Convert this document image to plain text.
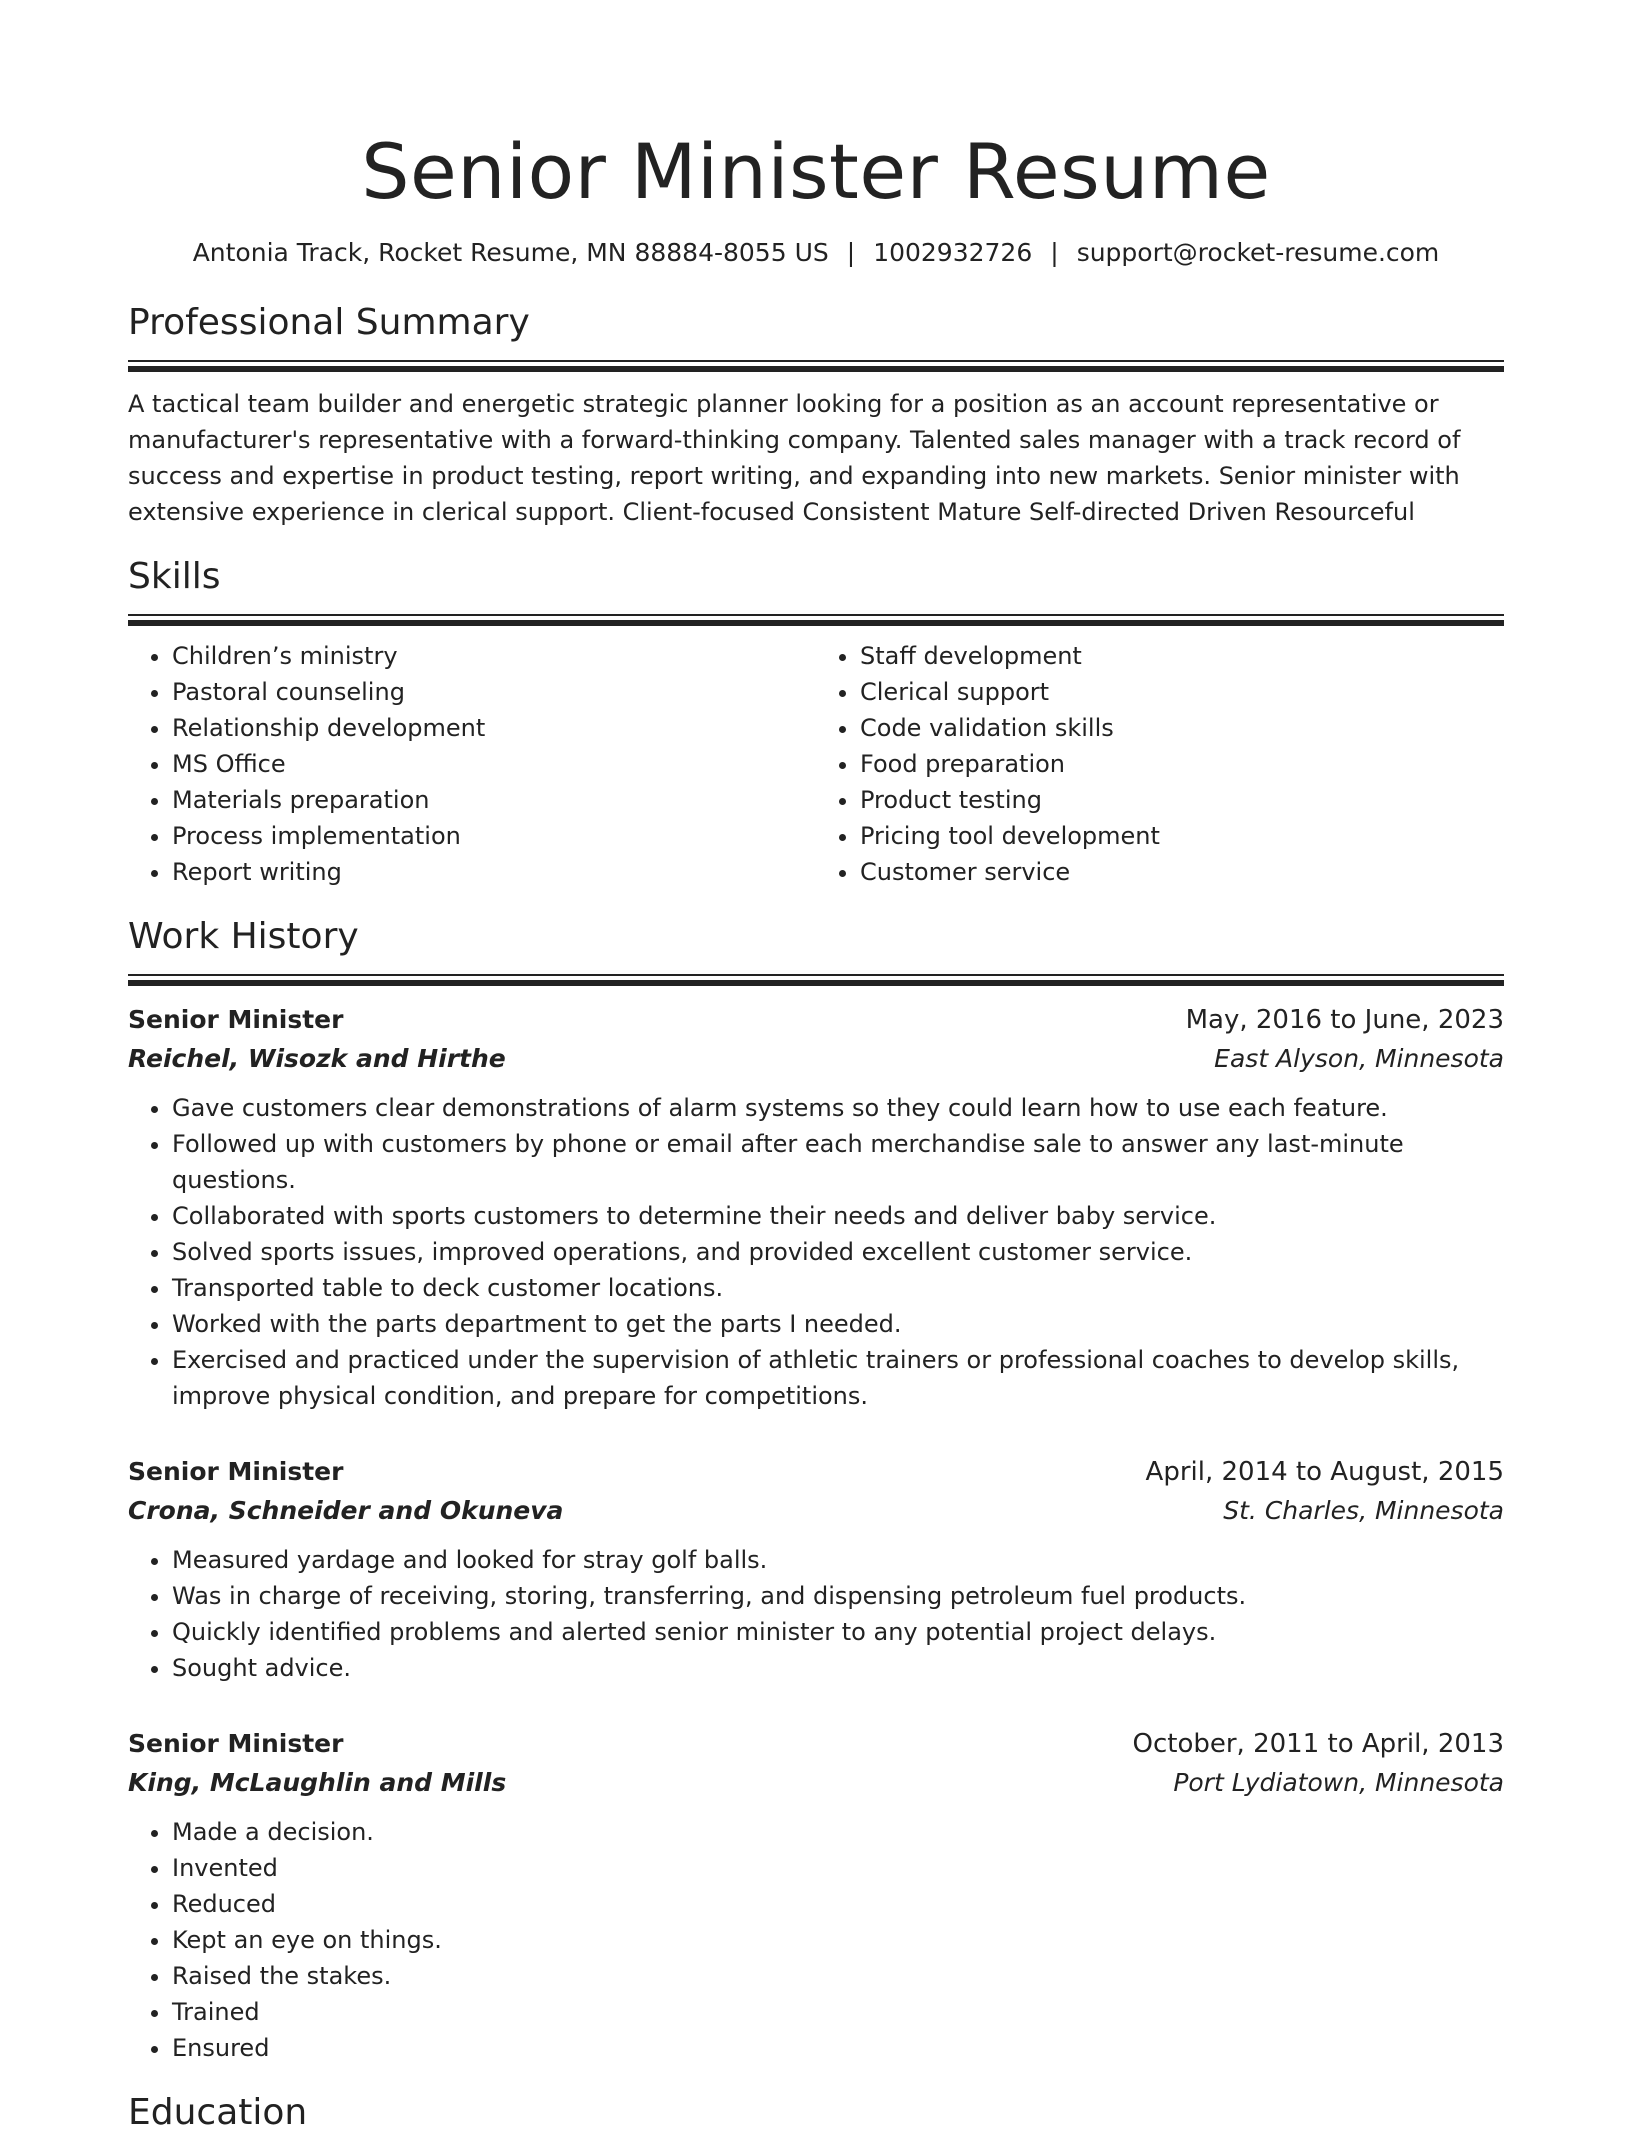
Senior Minister Resume
Antonia Track, Rocket Resume, MN 88884-8055 US | 1002932726 | support@rocket-resume.com
Professional Summary
A tactical team builder and energetic strategic planner looking for a position as an account representative or manufacturer's representative with a forward-thinking company. Talented sales manager with a track record of success and expertise in product testing, report writing, and expanding into new markets. Senior minister with extensive experience in clerical support. Client-focused Consistent Mature Self-directed Driven Resourceful
Skills
• Children’s ministry
• Pastoral counseling
• Relationship development
• MS Office
• Materials preparation
• Process implementation
• Report writing
• Staff development
• Clerical support
• Code validation skills
• Food preparation
• Product testing
• Pricing tool development
• Customer service
Work History
Senior Minister	May, 2016 to June, 2023
Reichel, Wisozk and Hirthe	East Alyson, Minnesota
• Gave customers clear demonstrations of alarm systems so they could learn how to use each feature.
• Followed up with customers by phone or email after each merchandise sale to answer any last-minute questions.
• Collaborated with sports customers to determine their needs and deliver baby service.
• Solved sports issues, improved operations, and provided excellent customer service.
• Transported table to deck customer locations.
• Worked with the parts department to get the parts I needed.
• Exercised and practiced under the supervision of athletic trainers or professional coaches to develop skills, improve physical condition, and prepare for competitions.
Senior Minister	April, 2014 to August, 2015
Crona, Schneider and Okuneva	St. Charles, Minnesota
• Measured yardage and looked for stray golf balls.
• Was in charge of receiving, storing, transferring, and dispensing petroleum fuel products.
• Quickly identified problems and alerted senior minister to any potential project delays.
• Sought advice.
Senior Minister	October, 2011 to April, 2013
King, McLaughlin and Mills	Port Lydiatown, Minnesota
• Made a decision.
• Invented
• Reduced
• Kept an eye on things.
• Raised the stakes.
• Trained
• Ensured
Education
